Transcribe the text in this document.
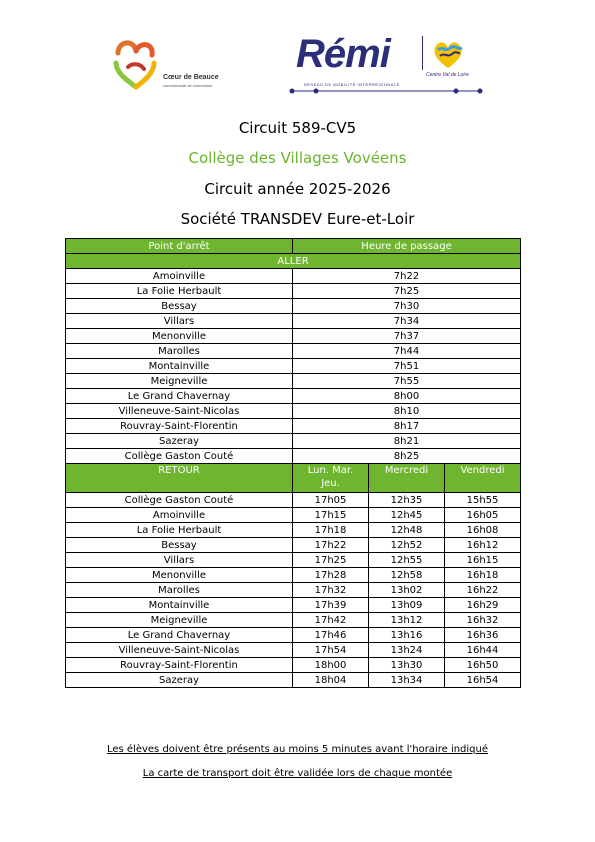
Cœur de Beauce
communauté de communes
Rémi	Centre Val de Loire
RÉSEAU DE MOBILITÉ INTERRÉGIONALE
Circuit 589-CV5
Collège des Villages Vovéens
Circuit année 2025-2026
Société TRANSDEV Eure-et-Loir
Point d'arrêt	Heure de passage		
ALLER			
Amoinville	7h22		
La Folie Herbault	7h25		
Bessay	7h30		
Villars	7h34		
Menonville	7h37		
Marolles	7h44		
Montainville	7h51		
Meigneville	7h55		
Le Grand Chavernay	8h00		
Villeneuve-Saint-Nicolas	8h10		
Rouvray-Saint-Florentin	8h17		
Sazeray	8h21		
Collège Gaston Couté	8h25		
RETOUR	Lun. Mar. Jeu.	Mercredi	Vendredi
Collège Gaston Couté	17h05	12h35	15h55
Amoinville	17h15	12h45	16h05
La Folie Herbault	17h18	12h48	16h08
Bessay	17h22	12h52	16h12
Villars	17h25	12h55	16h15
Menonville	17h28	12h58	16h18
Marolles	17h32	13h02	16h22
Montainville	17h39	13h09	16h29
Meigneville	17h42	13h12	16h32
Le Grand Chavernay	17h46	13h16	16h36
Villeneuve-Saint-Nicolas	17h54	13h24	16h44
Rouvray-Saint-Florentin	18h00	13h30	16h50
Sazeray	18h04	13h34	16h54
Les élèves doivent être présents au moins 5 minutes avant l'horaire indiqué
La carte de transport doit être validée lors de chaque montée
